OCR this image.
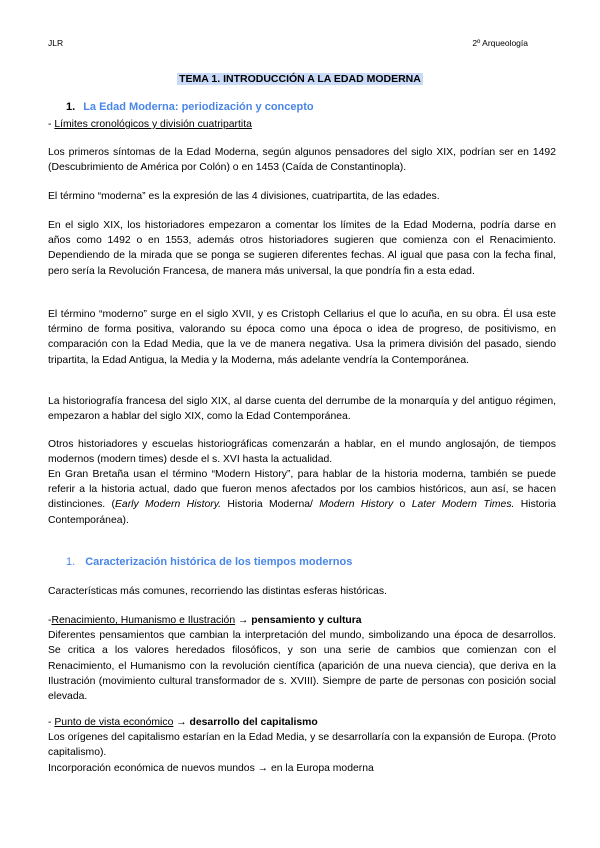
JLR	2º Arqueología
TEMA 1. INTRODUCCIÓN A LA EDAD MODERNA
1. La Edad Moderna: periodización y concepto
- Límites cronológicos y división cuatripartita
Los primeros síntomas de la Edad Moderna, según algunos pensadores del siglo XIX, podrían ser en 1492 (Descubrimiento de América por Colón) o en 1453 (Caída de Constantinopla).
El término “moderna” es la expresión de las 4 divisiones, cuatripartita, de las edades.
En el siglo XIX, los historiadores empezaron a comentar los límites de la Edad Moderna, podría darse en años como 1492 o en 1553, además otros historiadores sugieren que comienza con el Renacimiento. Dependiendo de la mirada que se ponga se sugieren diferentes fechas. Al igual que pasa con la fecha final, pero sería la Revolución Francesa, de manera más universal, la que pondría fin a esta edad.
El término “moderno” surge en el siglo XVII, y es Cristoph Cellarius el que lo acuña, en su obra. Él usa este término de forma positiva, valorando su época como una época o idea de progreso, de positivismo, en comparación con la Edad Media, que la ve de manera negativa. Usa la primera división del pasado, siendo tripartita, la Edad Antigua, la Media y la Moderna, más adelante vendría la Contemporánea.
La historiografía francesa del siglo XIX, al darse cuenta del derrumbe de la monarquía y del antiguo régimen, empezaron a hablar del siglo XIX, como la Edad Contemporánea.
Otros historiadores y escuelas historiográficas comenzarán a hablar, en el mundo anglosajón, de tiempos modernos (modern times) desde el s. XVI hasta la actualidad.
En Gran Bretaña usan el término “Modern History”, para hablar de la historia moderna, también se puede referir a la historia actual, dado que fueron menos afectados por los cambios históricos, aun así, se hacen distinciones. (Early Modern History. Historia Moderna/ Modern History o Later Modern Times. Historia Contemporánea).
1. Caracterización histórica de los tiempos modernos
Características más comunes, recorriendo las distintas esferas históricas.
-Renacimiento, Humanismo e Ilustración → pensamiento y cultura
Diferentes pensamientos que cambian la interpretación del mundo, simbolizando una época de desarrollos. Se critica a los valores heredados filosóficos, y son una serie de cambios que comienzan con el Renacimiento, el Humanismo con la revolución científica (aparición de una nueva ciencia), que deriva en la Ilustración (movimiento cultural transformador de s. XVIII). Siempre de parte de personas con posición social elevada.
- Punto de vista económico → desarrollo del capitalismo
Los orígenes del capitalismo estarían en la Edad Media, y se desarrollaría con la expansión de Europa. (Proto capitalismo).
Incorporación económica de nuevos mundos → en la Europa moderna
